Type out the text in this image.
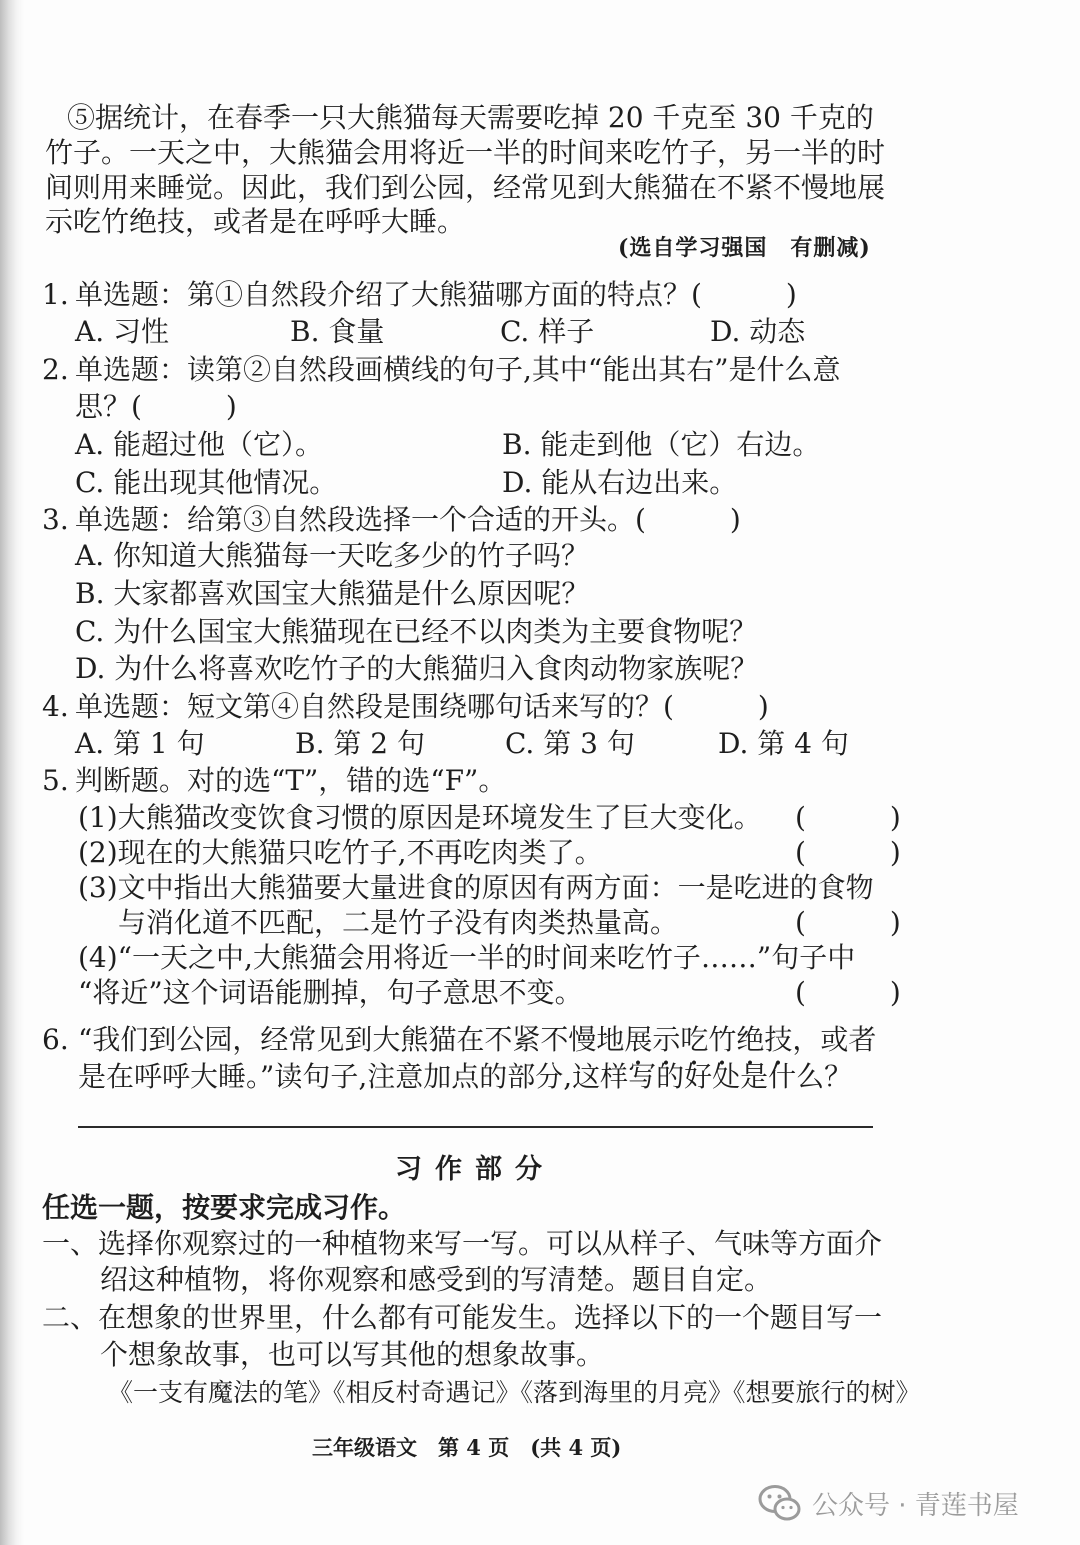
⑤据统计，在春季一只大熊猫每天需要吃掉 20 千克至 30 千克的
竹子。一天之中，大熊猫会用将近一半的时间来吃竹子，另一半的时
间则用来睡觉。因此，我们到公园，经常见到大熊猫在不紧不慢地展
示吃竹绝技，或者是在呼呼大睡。
(选自学习强国　有删减)
1. 单选题：第①自然段介绍了大熊猫哪方面的特点？(　　　)
A. 习性	B. 食量	C. 样子	D. 动态
2. 单选题：读第②自然段画横线的句子,其中“能出其右”是什么意
思？(　　　)
A. 能超过他（它）。	B. 能走到他（它）右边。
C. 能出现其他情况。	D. 能从右边出来。
3. 单选题：给第③自然段选择一个合适的开头。(　　　)
A. 你知道大熊猫每一天吃多少的竹子吗？
B. 大家都喜欢国宝大熊猫是什么原因呢？
C. 为什么国宝大熊猫现在已经不以肉类为主要食物呢？
D. 为什么将喜欢吃竹子的大熊猫归入食肉动物家族呢？
4. 单选题：短文第④自然段是围绕哪句话来写的？(　　　)
A. 第 1 句	B. 第 2 句	C. 第 3 句	D. 第 4 句
5. 判断题。对的选“T”，错的选“F”。
(1)大熊猫改变饮食习惯的原因是环境发生了巨大变化。 (　　　)
(2)现在的大熊猫只吃竹子,不再吃肉类了。	(　　　)
(3)文中指出大熊猫要大量进食的原因有两方面：一是吃进的食物
与消化道不匹配，二是竹子没有肉类热量高。	(　　　)
(4)“一天之中,大熊猫会用将近一半的时间来吃竹子……”句子中
“将近”这个词语能删掉，句子意思不变。	(　　　)
6. “我们到公园，经常见到大熊猫在不紧不慢地展示吃竹绝技，或者
是在呼呼大睡。”读句子,注意加点的部分,这样写的好处是什么？
习作部分
任选一题，按要求完成习作。
一、选择你观察过的一种植物来写一写。可以从样子、气味等方面介
绍这种植物，将你观察和感受到的写清楚。题目自定。
二、在想象的世界里，什么都有可能发生。选择以下的一个题目写一
个想象故事，也可以写其他的想象故事。
《一支有魔法的笔》《相反村奇遇记》《落到海里的月亮》《想要旅行的树》
三年级语文　第 4 页　(共 4 页)
公众号 · 青莲书屋
